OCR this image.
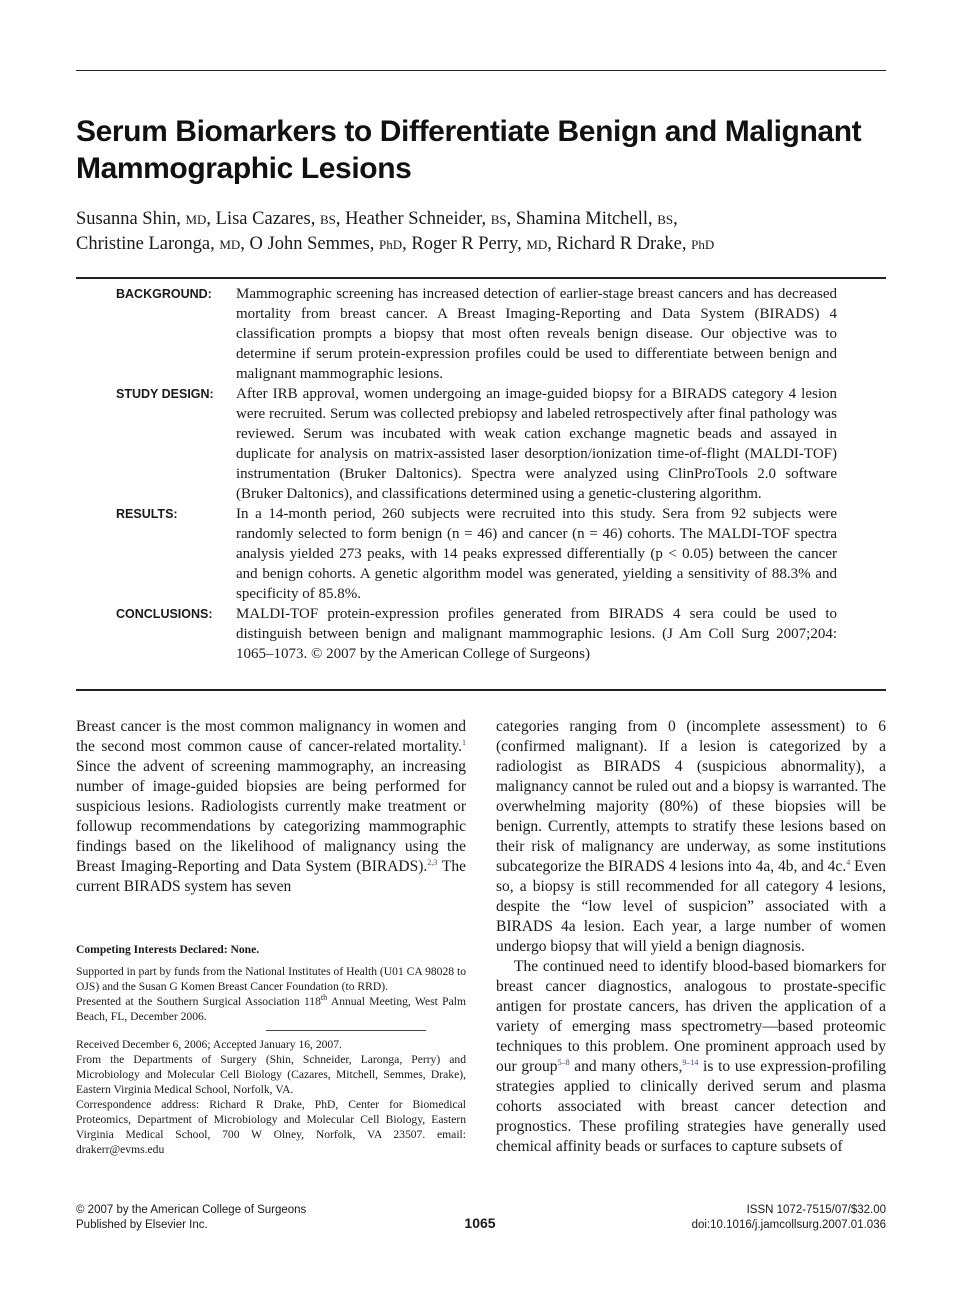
Serum Biomarkers to Differentiate Benign and Malignant Mammographic Lesions
Susanna Shin, MD, Lisa Cazares, BS, Heather Schneider, BS, Shamina Mitchell, BS,
Christine Laronga, MD, O John Semmes, PhD, Roger R Perry, MD, Richard R Drake, PhD
BACKGROUND:	Mammographic screening has increased detection of earlier-stage breast cancers and has decreased mortality from breast cancer. A Breast Imaging-Reporting and Data System (BIRADS) 4 classification prompts a biopsy that most often reveals benign disease. Our objective was to determine if serum protein-expression profiles could be used to differentiate between benign and malignant mammographic lesions.
STUDY DESIGN:	After IRB approval, women undergoing an image-guided biopsy for a BIRADS category 4 lesion were recruited. Serum was collected prebiopsy and labeled retrospectively after final pathology was reviewed. Serum was incubated with weak cation exchange magnetic beads and assayed in duplicate for analysis on matrix-assisted laser desorption/ionization time-of-flight (MALDI-TOF) instrumentation (Bruker Daltonics). Spectra were analyzed using ClinProTools 2.0 software (Bruker Daltonics), and classifications determined using a genetic-clustering algorithm.
RESULTS:	In a 14-month period, 260 subjects were recruited into this study. Sera from 92 subjects were randomly selected to form benign (n = 46) and cancer (n = 46) cohorts. The MALDI-TOF spectra analysis yielded 273 peaks, with 14 peaks expressed differentially (p < 0.05) between the cancer and benign cohorts. A genetic algorithm model was generated, yielding a sensitivity of 88.3% and specificity of 85.8%.
CONCLUSIONS:	MALDI-TOF protein-expression profiles generated from BIRADS 4 sera could be used to distinguish between benign and malignant mammographic lesions. (J Am Coll Surg 2007;204: 1065–1073. © 2007 by the American College of Surgeons)

Breast cancer is the most common malignancy in women and the second most common cause of cancer-related mortality.$^1$ Since the advent of screening mammography, an increasing number of image-guided biopsies are being performed for suspicious lesions. Radiologists currently make treatment or followup recommendations by categorizing mammographic findings based on the likelihood of malignancy using the Breast Imaging-Reporting and Data System (BIRADS).$^{2,3}$ The current BIRADS system has seven

Competing Interests Declared: None.

Supported in part by funds from the National Institutes of Health (U01 CA 98028 to OJS) and the Susan G Komen Breast Cancer Foundation (to RRD).

Presented at the Southern Surgical Association 118th Annual Meeting, West Palm Beach, FL, December 2006.

Received December 6, 2006; Accepted January 16, 2007.

From the Departments of Surgery (Shin, Schneider, Laronga, Perry) and Microbiology and Molecular Cell Biology (Cazares, Mitchell, Semmes, Drake), Eastern Virginia Medical School, Norfolk, VA.

Correspondence address: Richard R Drake, PhD, Center for Biomedical Proteomics, Department of Microbiology and Molecular Cell Biology, Eastern Virginia Medical School, 700 W Olney, Norfolk, VA 23507. email: drakerr@evms.edu

categories ranging from 0 (incomplete assessment) to 6 (confirmed malignant). If a lesion is categorized by a radiologist as BIRADS 4 (suspicious abnormality), a malignancy cannot be ruled out and a biopsy is warranted. The overwhelming majority (80%) of these biopsies will be benign. Currently, attempts to stratify these lesions based on their risk of malignancy are underway, as some institutions subcategorize the BIRADS 4 lesions into 4a, 4b, and 4c.$^4$ Even so, a biopsy is still recommended for all category 4 lesions, despite the “low level of suspicion” associated with a BIRADS 4a lesion. Each year, a large number of women undergo biopsy that will yield a benign diagnosis.

The continued need to identify blood-based biomarkers for breast cancer diagnostics, analogous to prostate-specific antigen for prostate cancers, has driven the application of a variety of emerging mass spectrometry—based proteomic techniques to this problem. One prominent approach used by our group$^{5-8}$ and many others,$^{9-14}$ is to use expression-profiling strategies applied to clinically derived serum and plasma cohorts associated with breast cancer detection and prognostics. These profiling strategies have generally used chemical affinity beads or surfaces to capture subsets of

© 2007 by the American College of Surgeons
Published by Elsevier Inc.	1065
ISSN 1072-7515/07/$32.00
doi:10.1016/j.jamcollsurg.2007.01.036
